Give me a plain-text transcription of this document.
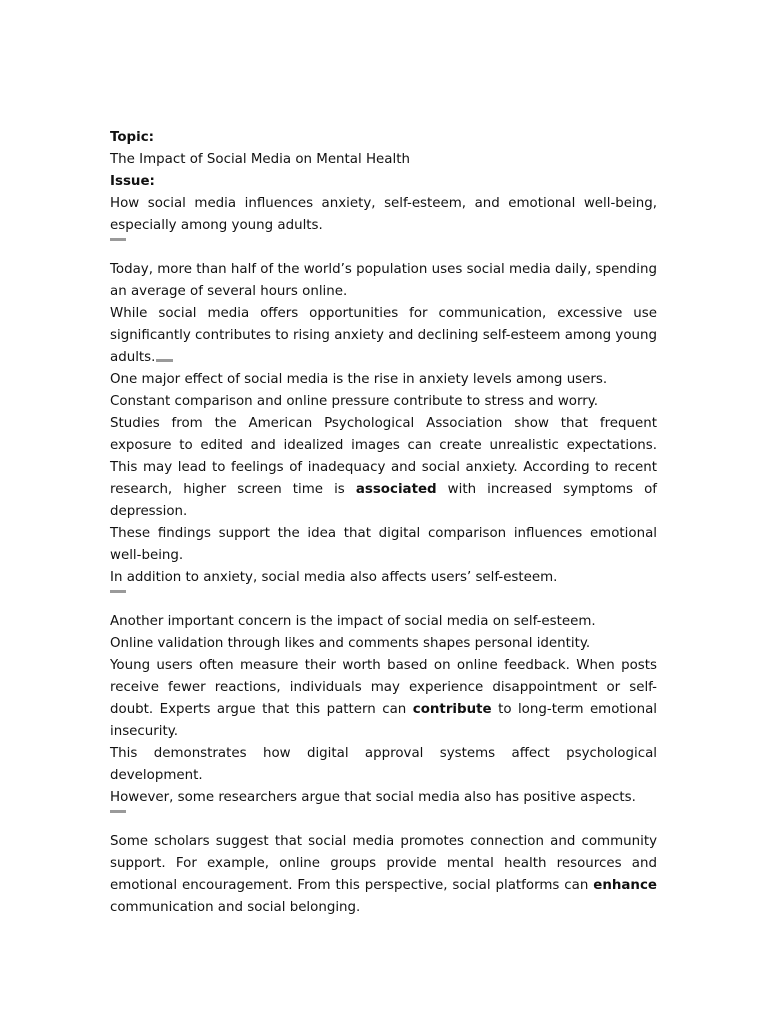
Topic:
The Impact of Social Media on Mental Health
Issue:

How social media influences anxiety, self-esteem, and emotional well-being, especially among young adults.

Today, more than half of the world’s population uses social media daily, spending an average of several hours online.

While social media offers opportunities for communication, excessive use significantly contributes to rising anxiety and declining self-esteem among young adults.

One major effect of social media is the rise in anxiety levels among users.

Constant comparison and online pressure contribute to stress and worry.

Studies from the American Psychological Association show that frequent exposure to edited and idealized images can create unrealistic expectations. This may lead to feelings of inadequacy and social anxiety. According to recent research, higher screen time is associated with increased symptoms of depression.

These findings support the idea that digital comparison influences emotional well-being.

In addition to anxiety, social media also affects users’ self-esteem.

Another important concern is the impact of social media on self-esteem.

Online validation through likes and comments shapes personal identity.

Young users often measure their worth based on online feedback. When posts receive fewer reactions, individuals may experience disappointment or self-doubt. Experts argue that this pattern can contribute to long-term emotional insecurity.

This demonstrates how digital approval systems affect psychological development.

However, some researchers argue that social media also has positive aspects.

Some scholars suggest that social media promotes connection and community support. For example, online groups provide mental health resources and emotional encouragement. From this perspective, social platforms can enhance communication and social belonging.
